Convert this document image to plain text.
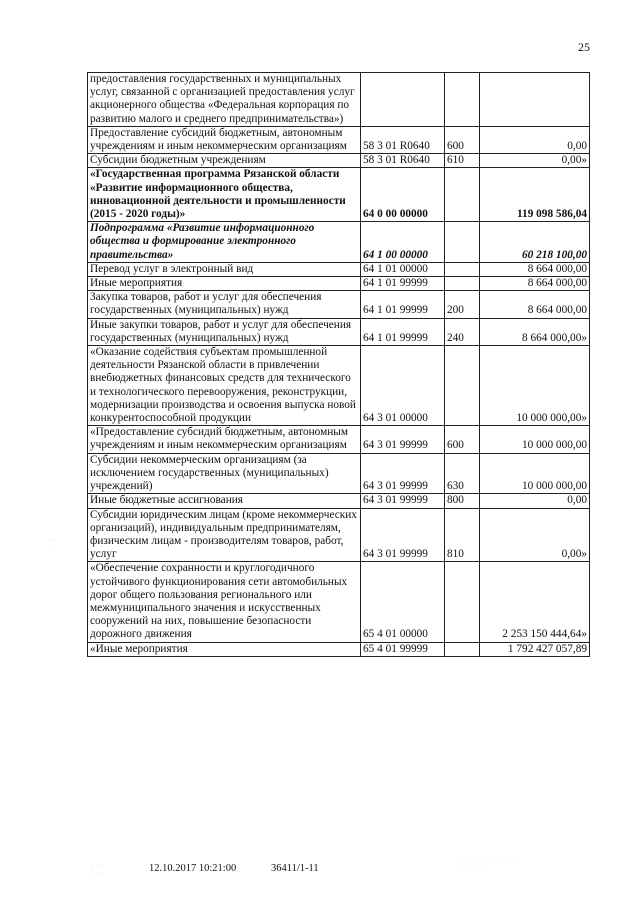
25
предоставления государственных и муниципальных услуг, связанной с организацией предоставления услуг акционерного общества «Федеральная корпорация по развитию малого и среднего предпринимательства»)			
Предоставление субсидий бюджетным, автономным учреждениям и иным некоммерческим организациям	58 3 01 R0640	600	0,00
Субсидии бюджетным учреждениям	58 3 01 R0640	610	0,00»
«Государственная программа Рязанской области «Развитие информационного общества, инновационной деятельности и промышленности (2015 - 2020 годы)»	64 0 00 00000		119 098 586,04
Подпрограмма «Развитие информационного общества и формирование электронного правительства»	64 1 00 00000		60 218 100,00
Перевод услуг в электронный вид	64 1 01 00000		8 664 000,00
Иные мероприятия	64 1 01 99999		8 664 000,00
Закупка товаров, работ и услуг для обеспечения государственных (муниципальных) нужд	64 1 01 99999	200	8 664 000,00
Иные закупки товаров, работ и услуг для обеспечения государственных (муниципальных) нужд	64 1 01 99999	240	8 664 000,00»
«Оказание содействия субъектам промышленной деятельности Рязанской области в привлечении внебюджетных финансовых средств для технического и технологического перевооружения, реконструкции, модернизации производства и освоения выпуска новой конкурентоспособной продукции	64 3 01 00000		10 000 000,00»
«Предоставление субсидий бюджетным, автономным учреждениям и иным некоммерческим организациям	64 3 01 99999	600	10 000 000,00
Субсидии некоммерческим организациям (за исключением государственных (муниципальных) учреждений)	64 3 01 99999	630	10 000 000,00
Иные бюджетные ассигнования	64 3 01 99999	800	0,00
Субсидии юридическим лицам (кроме некоммерческих организаций), индивидуальным предпринимателям, физическим лицам - производителям товаров, работ, услуг	64 3 01 99999	810	0,00»
«Обеспечение сохранности и круглогодичного устойчивого функционирования сети автомобильных дорог общего пользования регионального или межмуниципального значения и искусственных сооружений на них, повышение безопасности дорожного движения	65 4 01 00000		2 253 150 444,64»
«Иные мероприятия	65 4 01 99999		1 792 427 057,89
· ·
·
: · ·
· · :
· ·· · · ·· ·
· · · ·
12.10.2017 10:21:00	36411/1-11
